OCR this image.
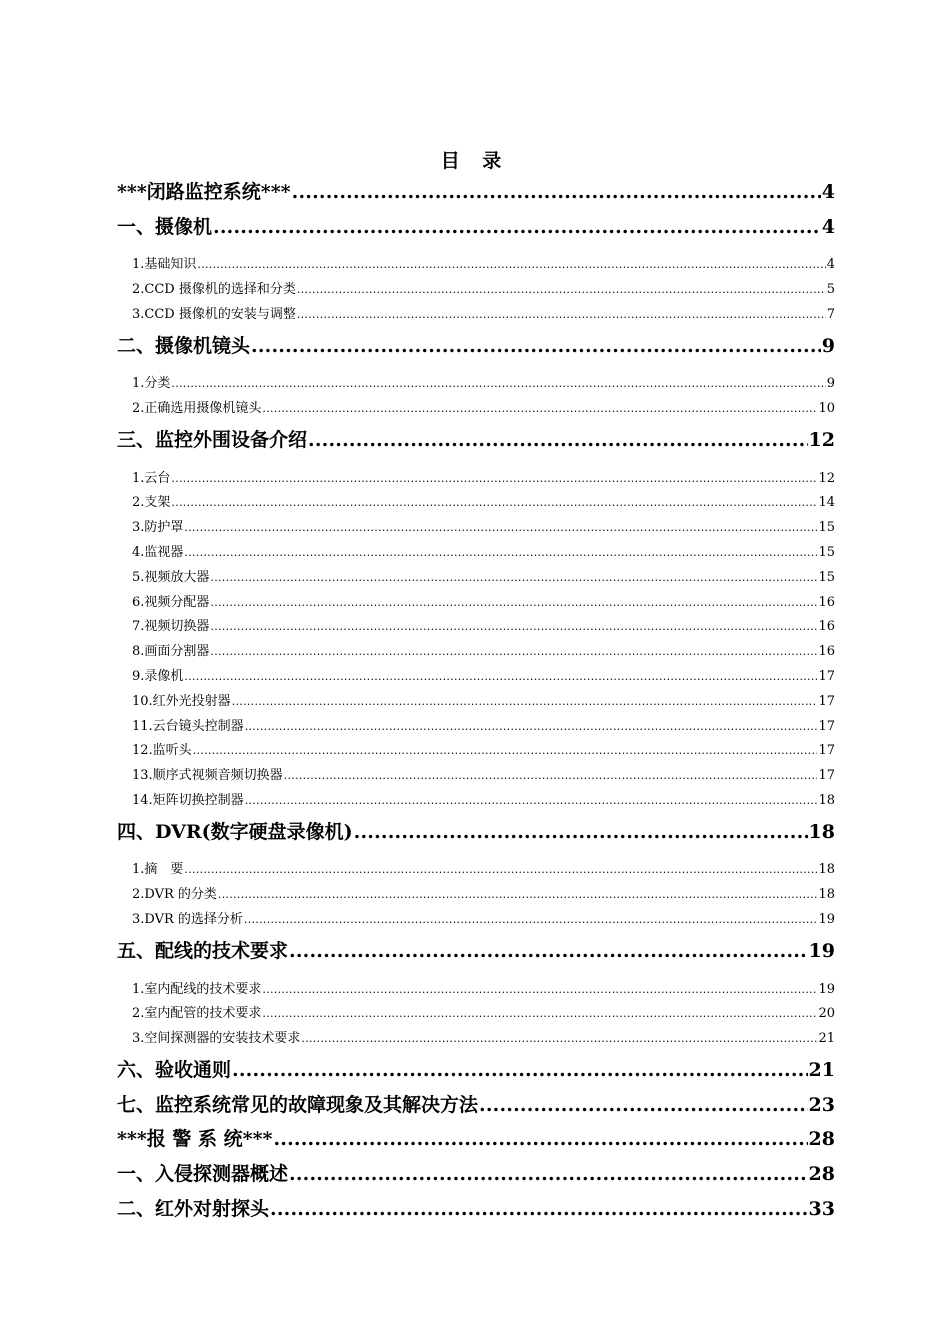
目 录
***闭路监控系统*** .....	4
一、摄像机 .....	4
1.基础知识 .....	4
2.CCD 摄像机的选择和分类 .....	5
3.CCD 摄像机的安装与调整 .....	7
二、摄像机镜头 .....	9
1.分类 .....	9
2.正确选用摄像机镜头 .....	10
三、监控外围设备介绍 .....	12
1.云台 .....	12
2.支架 .....	14
3.防护罩 .....	15
4.监视器 .....	15
5.视频放大器 .....	15
6.视频分配器 .....	16
7.视频切换器 .....	16
8.画面分割器 .....	16
9.录像机 .....	17
10.红外光投射器 .....	17
11.云台镜头控制器 .....	17
12.监听头 .....	17
13.顺序式视频音频切换器 .....	17
14.矩阵切换控制器 .....	18
四、DVR(数字硬盘录像机) .....	18
1.摘　要 .....	18
2.DVR 的分类 .....	18
3.DVR 的选择分析 .....	19
五、配线的技术要求 .....	19
1.室内配线的技术要求 .....	19
2.室内配管的技术要求 .....	20
3.空间探测器的安装技术要求 .....	21
六、验收通则 .....	21
七、监控系统常见的故障现象及其解决方法 .....	23
***报 警 系 统*** .....	28
一、入侵探测器概述 .....	28
二、红外对射探头 .....	33
